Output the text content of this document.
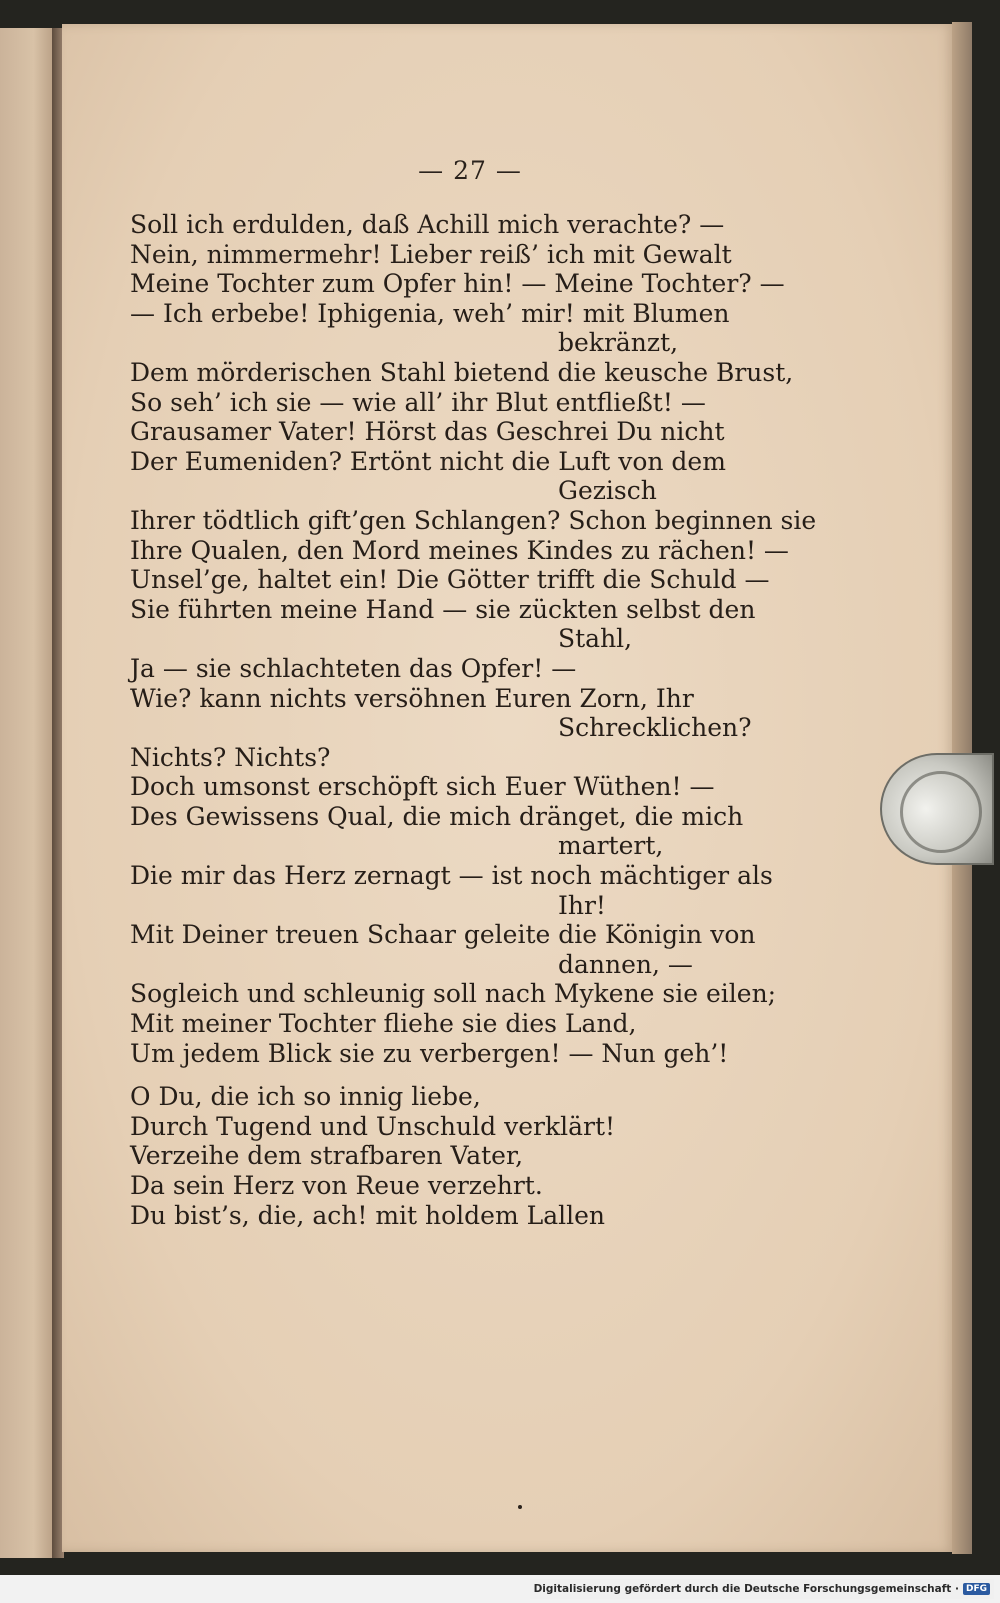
— 27 —
Soll ich erdulden, daß Achill mich verachte? —
Nein, nimmermehr! Lieber reiß’ ich mit Gewalt
Meine Tochter zum Opfer hin! — Meine Tochter? —
— Ich erbebe! Iphigenia, weh’ mir! mit Blumen
bekränzt,
Dem mörderischen Stahl bietend die keusche Brust,
So seh’ ich sie — wie all’ ihr Blut entfließt! —
Grausamer Vater! Hörst das Geschrei Du nicht
Der Eumeniden? Ertönt nicht die Luft von dem
Gezisch
Ihrer tödtlich gift’gen Schlangen? Schon beginnen sie
Ihre Qualen, den Mord meines Kindes zu rächen! —
Unsel’ge, haltet ein! Die Götter trifft die Schuld —
Sie führten meine Hand — sie zückten selbst den
Stahl,
Ja — sie schlachteten das Opfer! —
Wie? kann nichts versöhnen Euren Zorn, Ihr
Schrecklichen?
Nichts? Nichts?
Doch umsonst erschöpft sich Euer Wüthen! —
Des Gewissens Qual, die mich dränget, die mich
martert,
Die mir das Herz zernagt — ist noch mächtiger als
Ihr!
Mit Deiner treuen Schaar geleite die Königin von
dannen, —
Sogleich und schleunig soll nach Mykene sie eilen;
Mit meiner Tochter fliehe sie dies Land,
Um jedem Blick sie zu verbergen! — Nun geh’!
O Du, die ich so innig liebe,
Durch Tugend und Unschuld verklärt!
Verzeihe dem strafbaren Vater,
Da sein Herz von Reue verzehrt.
Du bist’s, die, ach! mit holdem Lallen
Digitalisierung gefördert durch die Deutsche Forschungsgemeinschaft · DFG
